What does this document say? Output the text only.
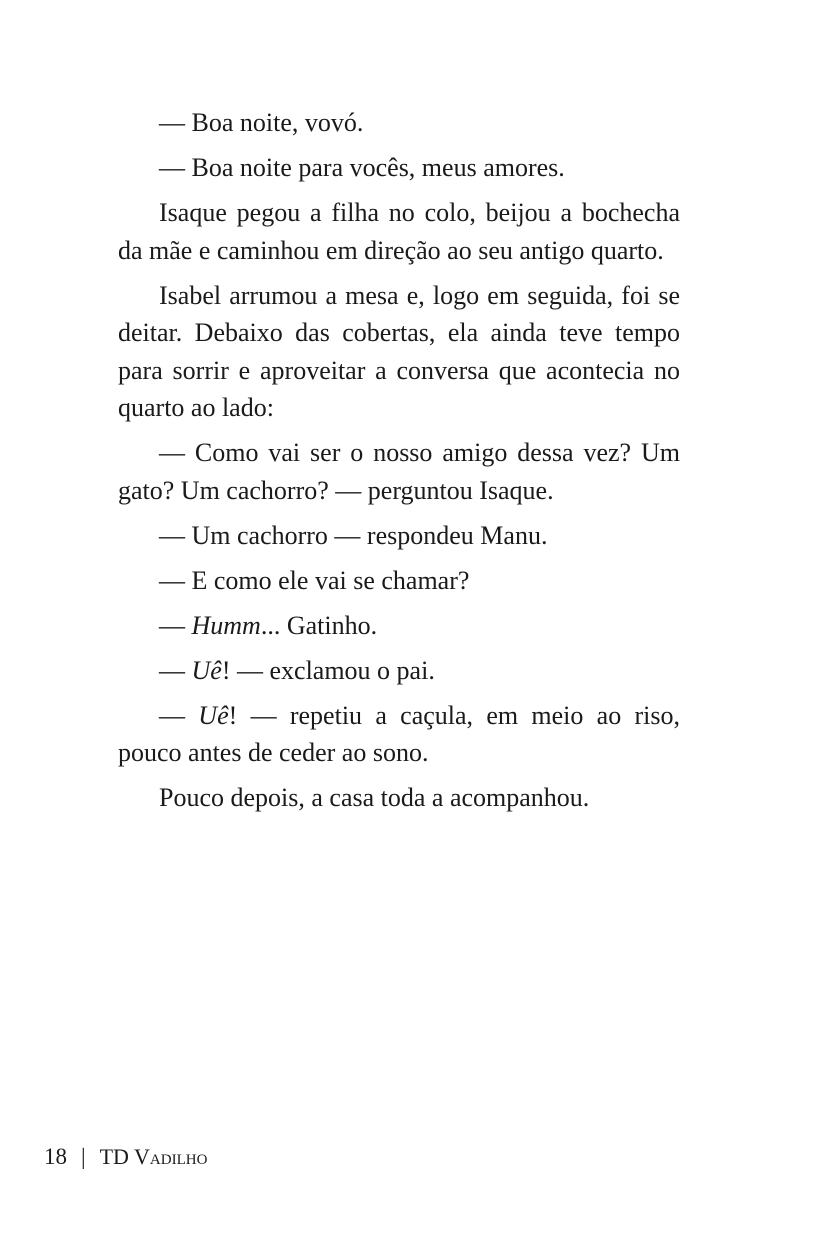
— Boa noite, vovó.

— Boa noite para vocês, meus amores.

Isaque pegou a filha no colo, beijou a bochecha da mãe e caminhou em direção ao seu antigo quarto.

Isabel arrumou a mesa e, logo em seguida, foi se deitar. Debaixo das cobertas, ela ainda teve tempo para sorrir e aproveitar a conversa que acontecia no quarto ao lado:

— Como vai ser o nosso amigo dessa vez? Um gato? Um cachorro? — perguntou Isaque.

— Um cachorro — respondeu Manu.

— E como ele vai se chamar?

— Humm... Gatinho.

— Uê! — exclamou o pai.

— Uê! — repetiu a caçula, em meio ao riso, pouco antes de ceder ao sono.

Pouco depois, a casa toda a acompanhou.

18 | TD Vadilho
